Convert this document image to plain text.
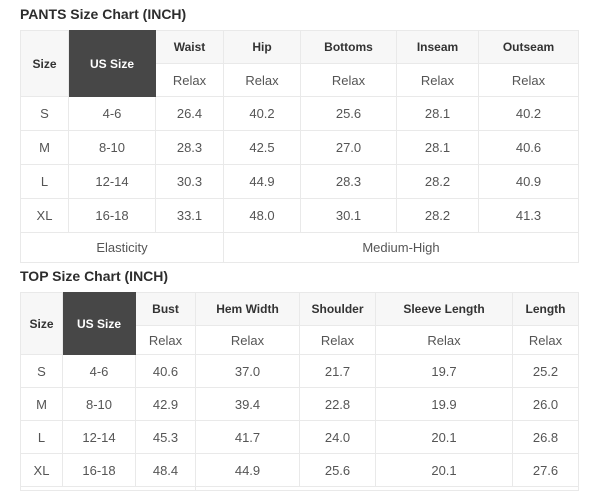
PANTS Size Chart (INCH)
Size	US Size	Waist	Hip	Bottoms	Inseam	Outseam
		Relax	Relax	Relax	Relax	Relax
S	4-6	26.4	40.2	25.6	28.1	40.2
M	8-10	28.3	42.5	27.0	28.1	40.6
L	12-14	30.3	44.9	28.3	28.2	40.9
XL	16-18	33.1	48.0	30.1	28.2	41.3
Elasticity			Medium-High			
TOP Size Chart (INCH)
Size	US Size	Bust	Hem Width	Shoulder	Sleeve Length	Length
		Relax	Relax	Relax	Relax	Relax
S	4-6	40.6	37.0	21.7	19.7	25.2
M	8-10	42.9	39.4	22.8	19.9	26.0
L	12-14	45.3	41.7	24.0	20.1	26.8
XL	16-18	48.4	44.9	25.6	20.1	27.6
